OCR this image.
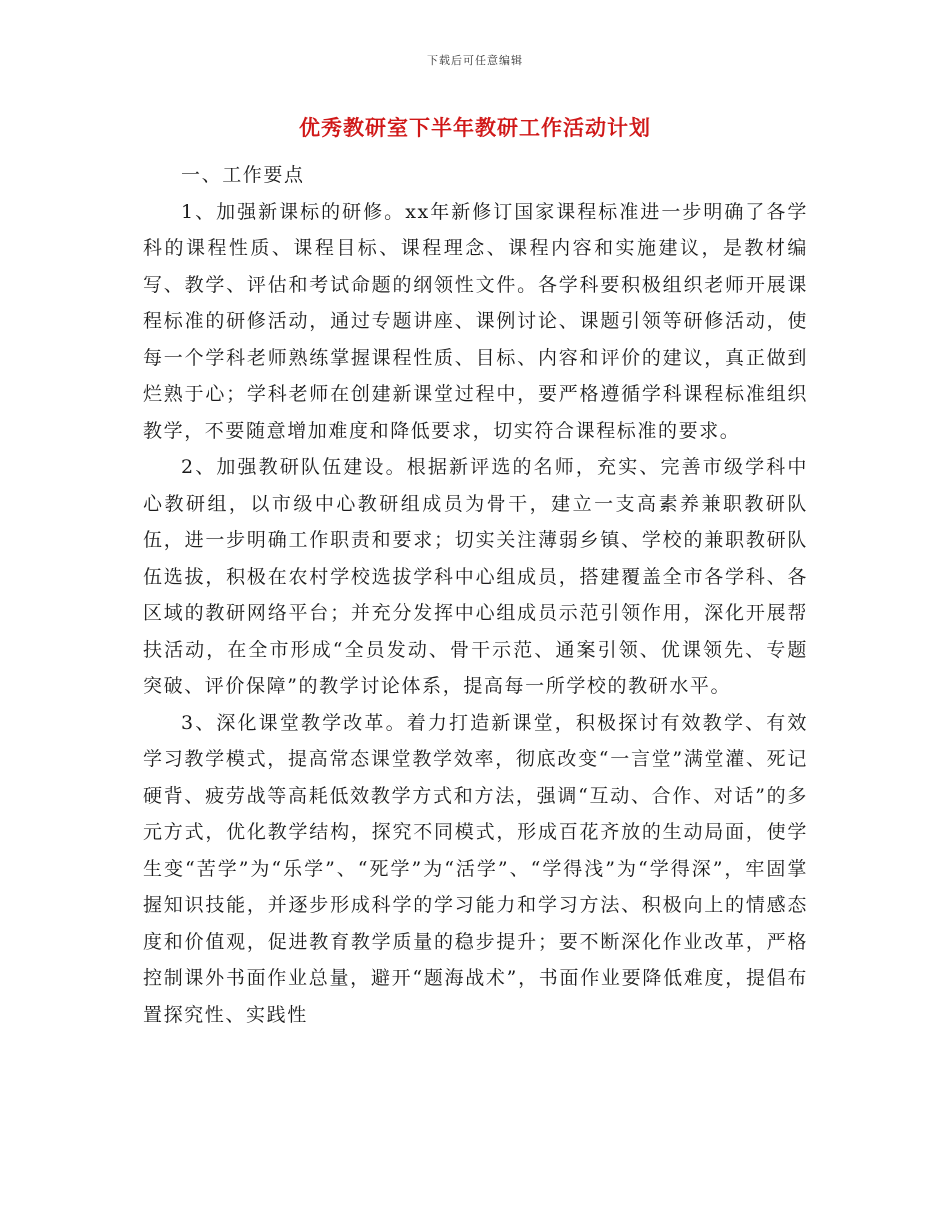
下载后可任意编辑
优秀教研室下半年教研工作活动计划

一、工作要点

1、加强新课标的研修。xx年新修订国家课程标准进一步明确了各学科的课程性质、课程目标、课程理念、课程内容和实施建议，是教材编写、教学、评估和考试命题的纲领性文件。各学科要积极组织老师开展课程标准的研修活动，通过专题讲座、课例讨论、课题引领等研修活动，使每一个学科老师熟练掌握课程性质、目标、内容和评价的建议，真正做到烂熟于心；学科老师在创建新课堂过程中，要严格遵循学科课程标准组织教学，不要随意增加难度和降低要求，切实符合课程标准的要求。

2、加强教研队伍建设。根据新评选的名师，充实、完善市级学科中心教研组，以市级中心教研组成员为骨干，建立一支高素养兼职教研队伍，进一步明确工作职责和要求；切实关注薄弱乡镇、学校的兼职教研队伍选拔，积极在农村学校选拔学科中心组成员，搭建覆盖全市各学科、各区域的教研网络平台；并充分发挥中心组成员示范引领作用，深化开展帮扶活动，在全市形成“全员发动、骨干示范、通案引领、优课领先、专题突破、评价保障”的教学讨论体系，提高每一所学校的教研水平。

3、深化课堂教学改革。着力打造新课堂，积极探讨有效教学、有效学习教学模式，提高常态课堂教学效率，彻底改变“一言堂”满堂灌、死记硬背、疲劳战等高耗低效教学方式和方法，强调“互动、合作、对话”的多元方式，优化教学结构，探究不同模式，形成百花齐放的生动局面，使学生变“苦学”为“乐学”、“死学”为“活学”、“学得浅”为“学得深”，牢固掌握知识技能，并逐步形成科学的学习能力和学习方法、积极向上的情感态度和价值观，促进教育教学质量的稳步提升；要不断深化作业改革，严格控制课外书面作业总量，避开“题海战术”，书面作业要降低难度，提倡布置探究性、实践性
